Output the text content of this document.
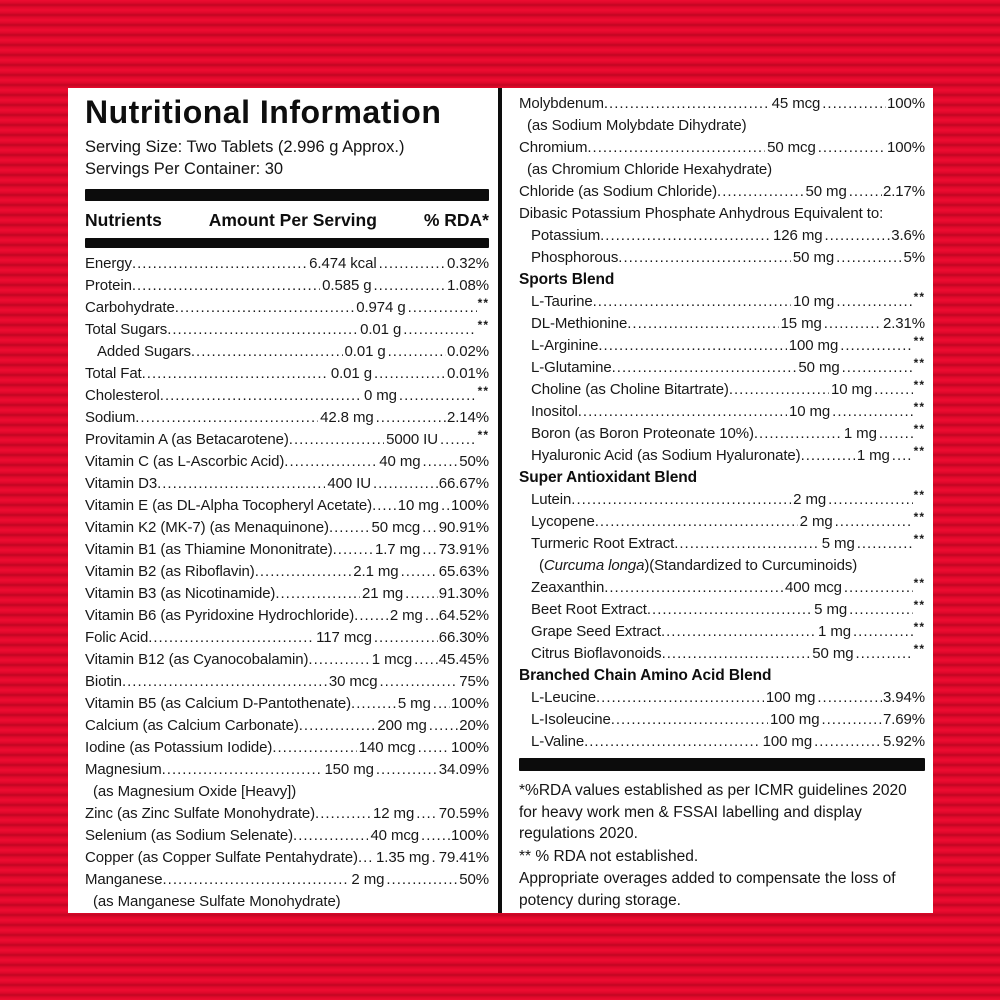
Nutritional Information
Serving Size: Two Tablets (2.996 g Approx.)
Servings Per Container: 30
Nutrients	Amount Per Serving	% RDA*
Energy .....	6.474 kcal .....	0.32%
Protein .....	0.585 g .....	1.08%
Carbohydrate .....	0.974 g .....	**
Total Sugars .....	0.01 g .....	**
Added Sugars .....	0.01 g .....	0.02%
Total Fat .....	0.01 g .....	0.01%
Cholesterol .....	0 mg .....	**
Sodium .....	42.8 mg .....	2.14%
Provitamin A (as Betacarotene) .....	5000 IU .....	**
Vitamin C (as L-Ascorbic Acid) .....	40 mg .....	50%
Vitamin D3 .....	400 IU .....	66.67%
Vitamin E (as DL-Alpha Tocopheryl Acetate) ..... 10 mg ..... 100%
Vitamin K2 (MK-7) (as Menaquinone) .....	50 mcg ..... 90.91%
Vitamin B1 (as Thiamine Mononitrate) .....	1.7 mg ..... 73.91%
Vitamin B2 (as Riboflavin) .....	2.1 mg .....	65.63%
Vitamin B3 (as Nicotinamide) .....	21 mg ..... 91.30%
Vitamin B6 (as Pyridoxine Hydrochloride) ..... 2 mg ..... 64.52%
Folic Acid .....	117 mcg .....	66.30%
Vitamin B12 (as Cyanocobalamin) .....	1 mcg ..... 45.45%
Biotin .....	30 mcg .....	75%
Vitamin B5 (as Calcium D-Pantothenate) .....	5 mg ..... 100%
Calcium (as Calcium Carbonate) .....	200 mg ..... 20%
Iodine (as Potassium Iodide) .....	140 mcg ..... 100%
Magnesium .....	150 mg .....	34.09%
(as Magnesium Oxide [Heavy])
Zinc (as Zinc Sulfate Monohydrate) .....	12 mg ..... 70.59%
Selenium (as Sodium Selenate) .....	40 mcg ..... 100%
Copper (as Copper Sulfate Pentahydrate) ..... 1.35 mg ..... 79.41%
Manganese .....	2 mg .....	50%
(as Manganese Sulfate Monohydrate)
Molybdenum .....	45 mcg .....	100%
(as Sodium Molybdate Dihydrate)
Chromium .....	50 mcg .....	100%
(as Chromium Chloride Hexahydrate)
Chloride (as Sodium Chloride) .....	50 mg ..... 2.17%
Dibasic Potassium Phosphate Anhydrous Equivalent to:
Potassium .....	126 mg .....	3.6%
Phosphorous .....	50 mg .....	5%
Sports Blend
L-Taurine .....	10 mg .....	**
DL-Methionine .....	15 mg .....	2.31%
L-Arginine .....	100 mg .....	**
L-Glutamine .....	50 mg .....	**
Choline (as Choline Bitartrate) .....	10 mg .....	**
Inositol .....	10 mg .....	**
Boron (as Boron Proteonate 10%) .....	1 mg .....	**
Hyaluronic Acid (as Sodium Hyaluronate) .....	1 mg ..... **
Super Antioxidant Blend
Lutein .....	2 mg .....	**
Lycopene .....	2 mg .....	**
Turmeric Root Extract .....	5 mg .....	**
(Curcuma longa)(Standardized to Curcuminoids)
Zeaxanthin .....	400 mcg .....	**
Beet Root Extract .....	5 mg .....	**
Grape Seed Extract .....	1 mg .....	**
Citrus Bioflavonoids .....	50 mg .....	**
Branched Chain Amino Acid Blend
L-Leucine .....	100 mg .....	3.94%
L-Isoleucine .....	100 mg .....	7.69%
L-Valine .....	100 mg .....	5.92%

*%RDA values established as per ICMR guidelines 2020 for heavy work men & FSSAI labelling and display regulations 2020.

** % RDA not established.

Appropriate overages added to compensate the loss of potency during storage.
